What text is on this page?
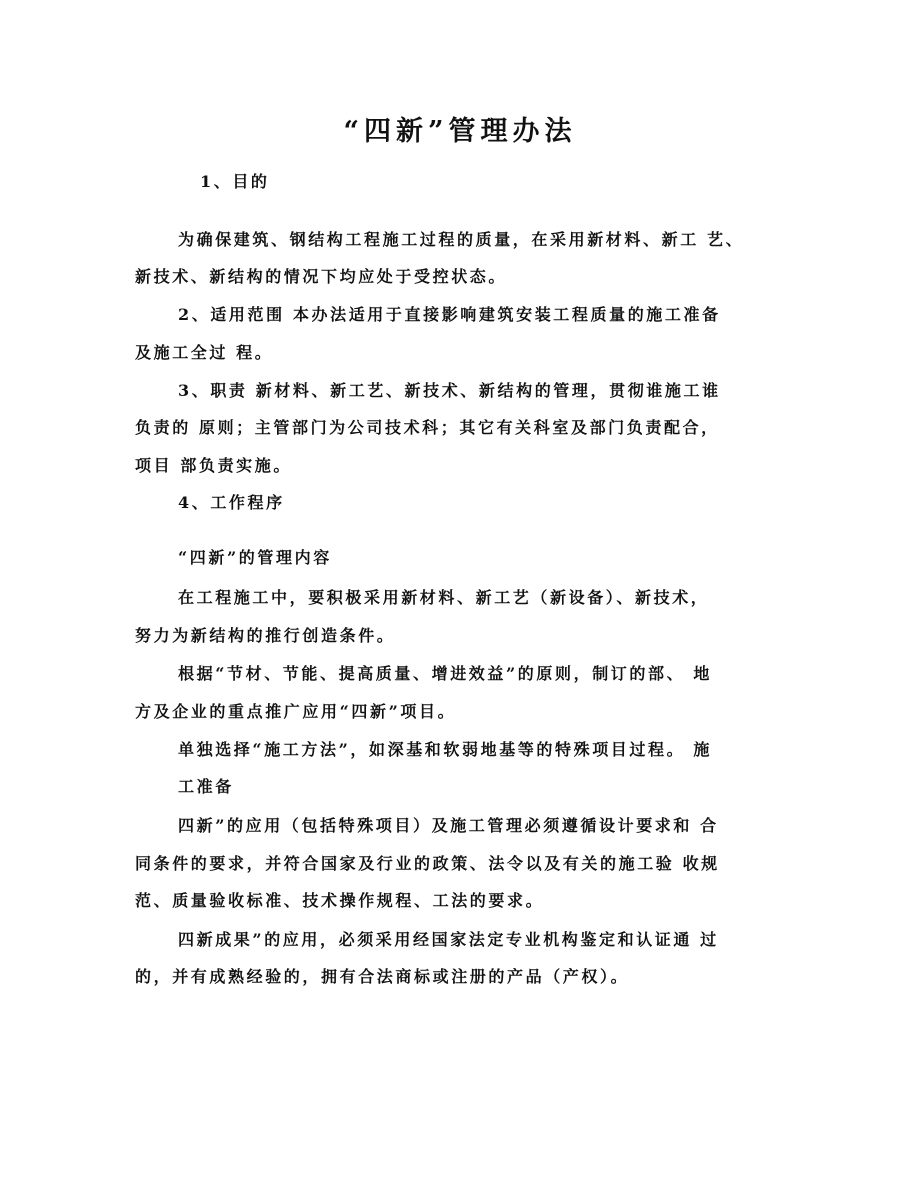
“四新”管理办法
1、目的
为确保建筑、钢结构工程施工过程的质量，在采用新材料、新工 艺、
新技术、新结构的情况下均应处于受控状态。
2、适用范围 本办法适用于直接影响建筑安装工程质量的施工准备
及施工全过 程。
3、职责 新材料、新工艺、新技术、新结构的管理，贯彻谁施工谁
负责的 原则；主管部门为公司技术科；其它有关科室及部门负责配合，
项目 部负责实施。
4、工作程序
“四新”的管理内容
在工程施工中，要积极采用新材料、新工艺（新设备）、新技术，
努力为新结构的推行创造条件。
根据“节材、节能、提高质量、增进效益”的原则，制订的部、 地
方及企业的重点推广应用“四新”项目。
单独选择“施工方法”，如深基和软弱地基等的特殊项目过程。 施
工准备
四新”的应用（包括特殊项目）及施工管理必须遵循设计要求和 合
同条件的要求，并符合国家及行业的政策、法令以及有关的施工验 收规
范、质量验收标准、技术操作规程、工法的要求。
四新成果”的应用，必须采用经国家法定专业机构鉴定和认证通 过
的，并有成熟经验的，拥有合法商标或注册的产品（产权）。
